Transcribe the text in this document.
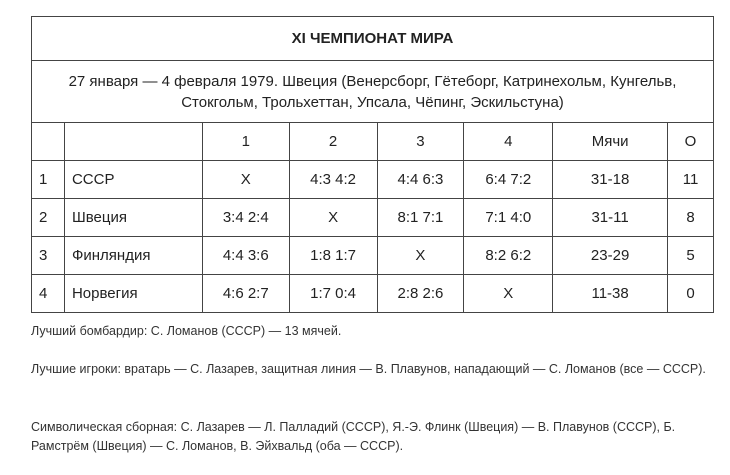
XI ЧЕМПИОНАТ МИРА							
27 января — 4 февраля 1979. Швеция (Венерсборг, Гётеборг, Катринехольм, Кунгельв, Стокгольм, Трольхеттан, Упсала, Чёпинг, Эскильстуна)							
		1	2	3	4	Мячи	О
1	СССР	X	4:3 4:2	4:4 6:3	6:4 7:2	31-18	11
2	Швеция	3:4 2:4	X	8:1 7:1	7:1 4:0	31-11	8
3	Финляндия	4:4 3:6	1:8 1:7	X	8:2 6:2	23-29	5
4	Норвегия	4:6 2:7	1:7 0:4	2:8 2:6	X	11-38	0

Лучший бомбардир: С. Ломанов (СССР) — 13 мячей.

Лучшие игроки: вратарь — С. Лазарев, защитная линия — В. Плавунов, нападающий — С. Ломанов (все — СССР).

Символическая сборная: С. Лазарев — Л. Палладий (СССР), Я.-Э. Флинк (Швеция) — В. Плавунов (СССР), Б. Рамстрём (Швеция) — С. Ломанов, В. Эйхвальд (оба — СССР).
